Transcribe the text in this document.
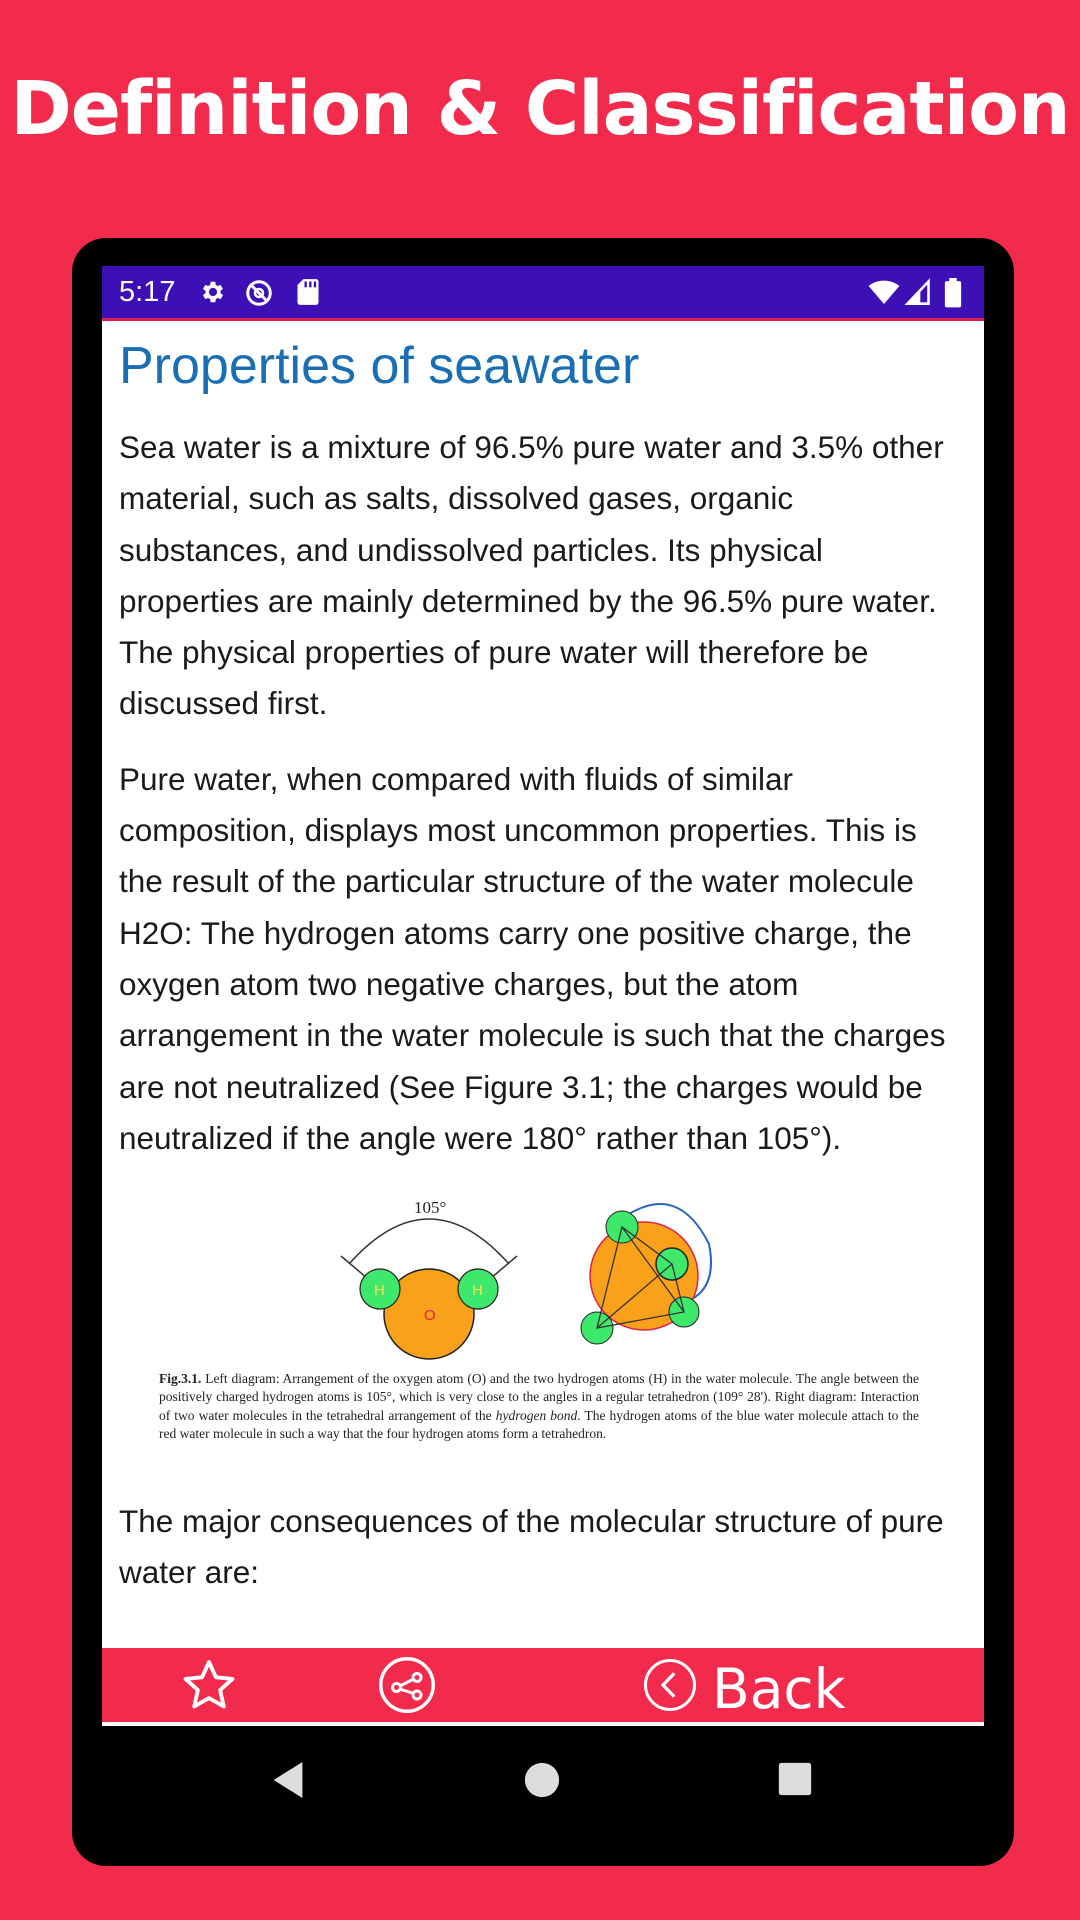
Definition & Classification
5:17
Properties of seawater

Sea water is a mixture of 96.5% pure water and 3.5% other material, such as salts, dissolved gases, organic substances, and undissolved particles. Its physical properties are mainly determined by the 96.5% pure water. The physical properties of pure water will therefore be discussed first.

Pure water, when compared with fluids of similar composition, displays most uncommon properties. This is the result of the particular structure of the water molecule H2O: The hydrogen atoms carry one positive charge, the oxygen atom two negative charges, but the atom arrangement in the water molecule is such that the charges are not neutralized (See Figure 3.1; the charges would be neutralized if the angle were 180° rather than 105°).

105°
O
H	H
Fig.3.1. Left diagram: Arrangement of the oxygen atom (O) and the two hydrogen atoms (H) in the water molecule. The angle between the positively charged hydrogen atoms is 105°, which is very close to the angles in a regular tetrahedron (109° 28'). Right diagram: Interaction of two water molecules in the tetrahedral arrangement of the hydrogen bond. The hydrogen atoms of the blue water molecule attach to the red water molecule in such a way that the four hydrogen atoms form a tetrahedron.

The major consequences of the molecular structure of pure water are:

Back
